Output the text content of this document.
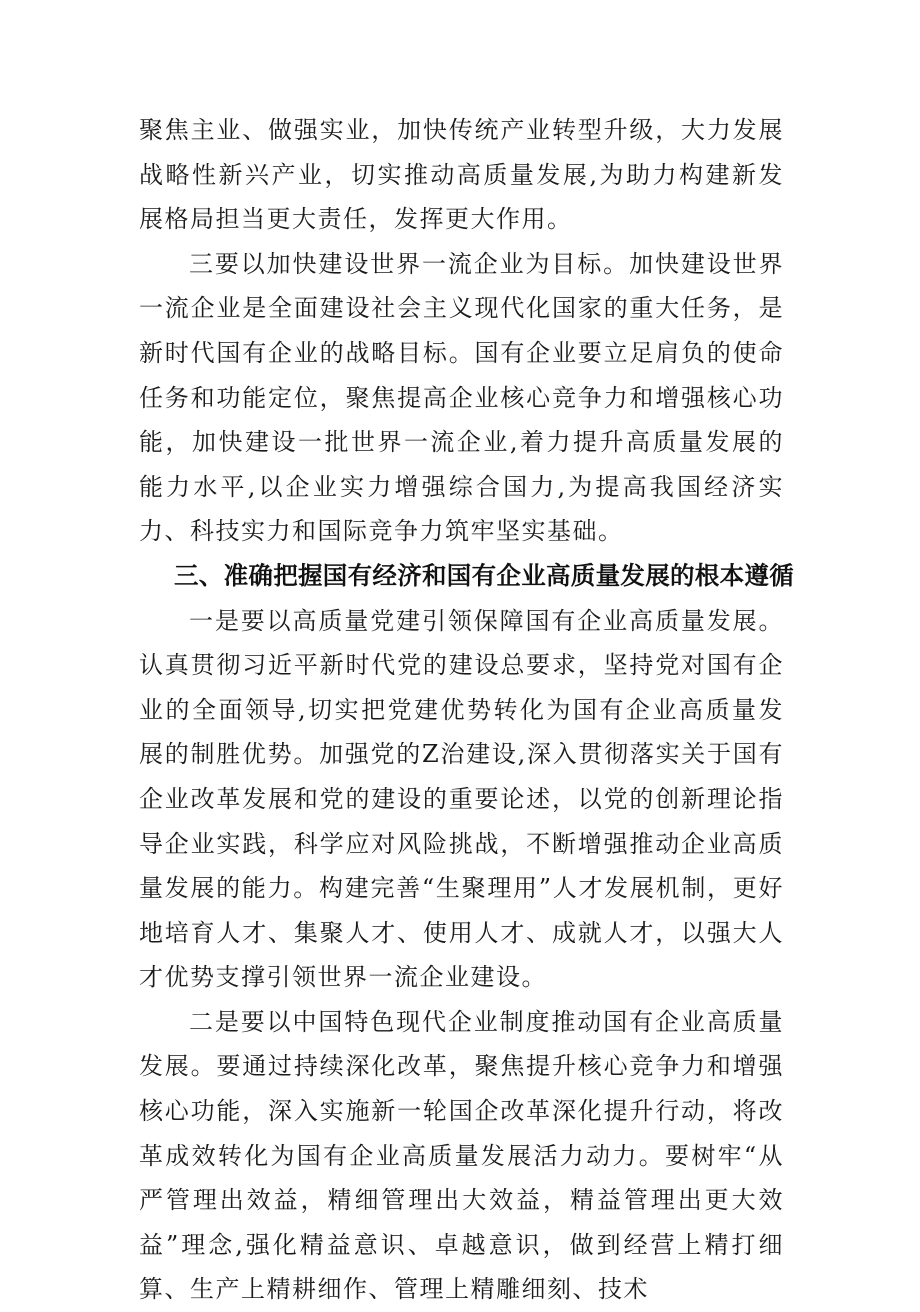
聚焦主业、做强实业，加快传统产业转型升级，大力发展战略性新兴产业，切实推动高质量发展,为助力构建新发展格局担当更大责任，发挥更大作用。

三要以加快建设世界一流企业为目标。加快建设世界一流企业是全面建设社会主义现代化国家的重大任务，是新时代国有企业的战略目标。国有企业要立足肩负的使命任务和功能定位，聚焦提高企业核心竞争力和增强核心功能，加快建设一批世界一流企业,着力提升高质量发展的能力水平,以企业实力增强综合国力,为提高我国经济实力、科技实力和国际竞争力筑牢坚实基础。

三、准确把握国有经济和国有企业高质量发展的根本遵循

一是要以高质量党建引领保障国有企业高质量发展。认真贯彻习近平新时代党的建设总要求，坚持党对国有企业的全面领导,切实把党建优势转化为国有企业高质量发展的制胜优势。加强党的Z治建设,深入贯彻落实关于国有企业改革发展和党的建设的重要论述，以党的创新理论指导企业实践，科学应对风险挑战，不断增强推动企业高质量发展的能力。构建完善“生聚理用”人才发展机制，更好地培育人才、集聚人才、使用人才、成就人才，以强大人才优势支撑引领世界一流企业建设。

二是要以中国特色现代企业制度推动国有企业高质量发展。要通过持续深化改革，聚焦提升核心竞争力和增强核心功能，深入实施新一轮国企改革深化提升行动，将改革成效转化为国有企业高质量发展活力动力。要树牢“从严管理出效益，精细管理出大效益，精益管理出更大效益”理念,强化精益意识、卓越意识，做到经营上精打细算、生产上精耕细作、管理上精雕细刻、技术
